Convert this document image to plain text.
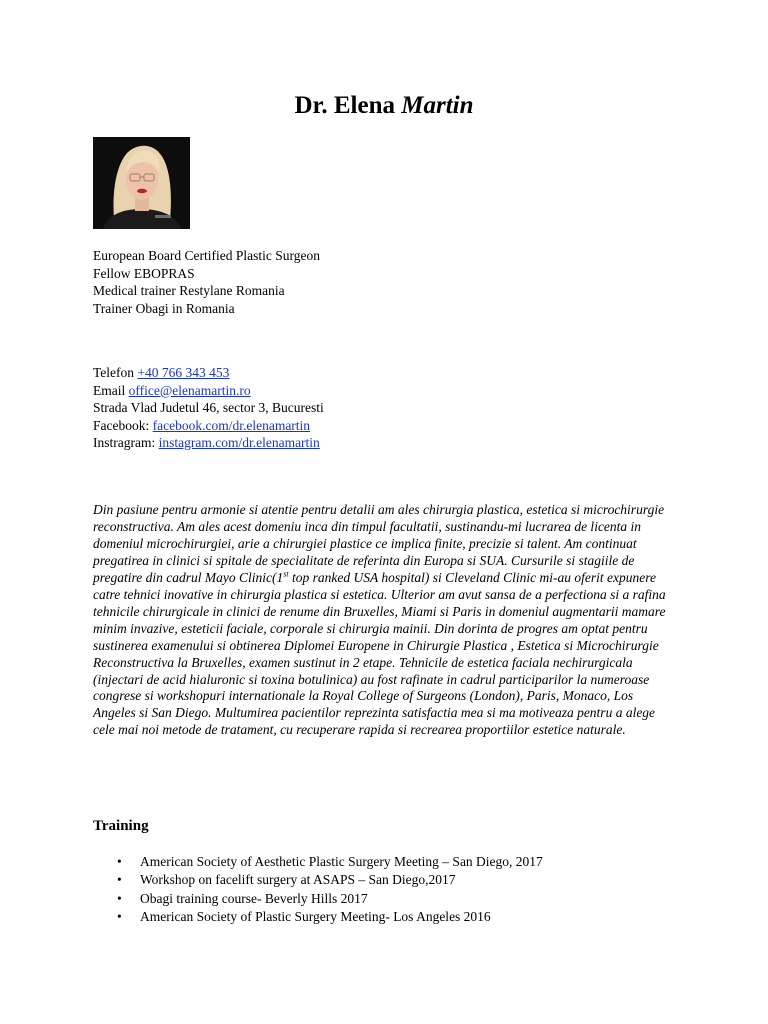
Dr. Elena Martin
European Board Certified Plastic Surgeon
Fellow EBOPRAS
Medical trainer Restylane Romania
Trainer Obagi in Romania
Telefon +40 766 343 453
Email office@elenamartin.ro
Strada Vlad Judetul 46, sector 3, Bucuresti
Facebook: facebook.com/dr.elenamartin
Instragram: instagram.com/dr.elenamartin

Din pasiune pentru armonie si atentie pentru detalii am ales chirurgia plastica, estetica si microchirurgie reconstructiva. Am ales acest domeniu inca din timpul facultatii, sustinandu-mi lucrarea de licenta in domeniul microchirurgiei, arie a chirurgiei plastice ce implica finite, precizie si talent. Am continuat pregatirea in clinici si spitale de specialitate de referinta din Europa si SUA. Cursurile si stagiile de pregatire din cadrul Mayo Clinic(1st top ranked USA hospital) si Cleveland Clinic mi-au oferit expunere catre tehnici inovative in chirurgia plastica si estetica. Ulterior am avut sansa de a perfectiona si a rafina tehnicile chirurgicale in clinici de renume din Bruxelles, Miami si Paris in domeniul augmentarii mamare minim invazive, esteticii faciale, corporale si chirurgia mainii. Din dorinta de progres am optat pentru sustinerea examenului si obtinerea Diplomei Europene in Chirurgie Plastica , Estetica si Microchirurgie Reconstructiva la Bruxelles, examen sustinut in 2 etape. Tehnicile de estetica faciala nechirurgicala (injectari de acid hialuronic si toxina botulinica) au fost rafinate in cadrul participarilor la numeroase congrese si workshopuri internationale la Royal College of Surgeons (London), Paris, Monaco, Los Angeles si San Diego. Multumirea pacientilor reprezinta satisfactia mea si ma motiveaza pentru a alege cele mai noi metode de tratament, cu recuperare rapida si recrearea proportiilor estetice naturale.

Training
• American Society of Aesthetic Plastic Surgery Meeting – San Diego, 2017
• Workshop on facelift surgery at ASAPS – San Diego,2017
• Obagi training course- Beverly Hills 2017
• American Society of Plastic Surgery Meeting- Los Angeles 2016
